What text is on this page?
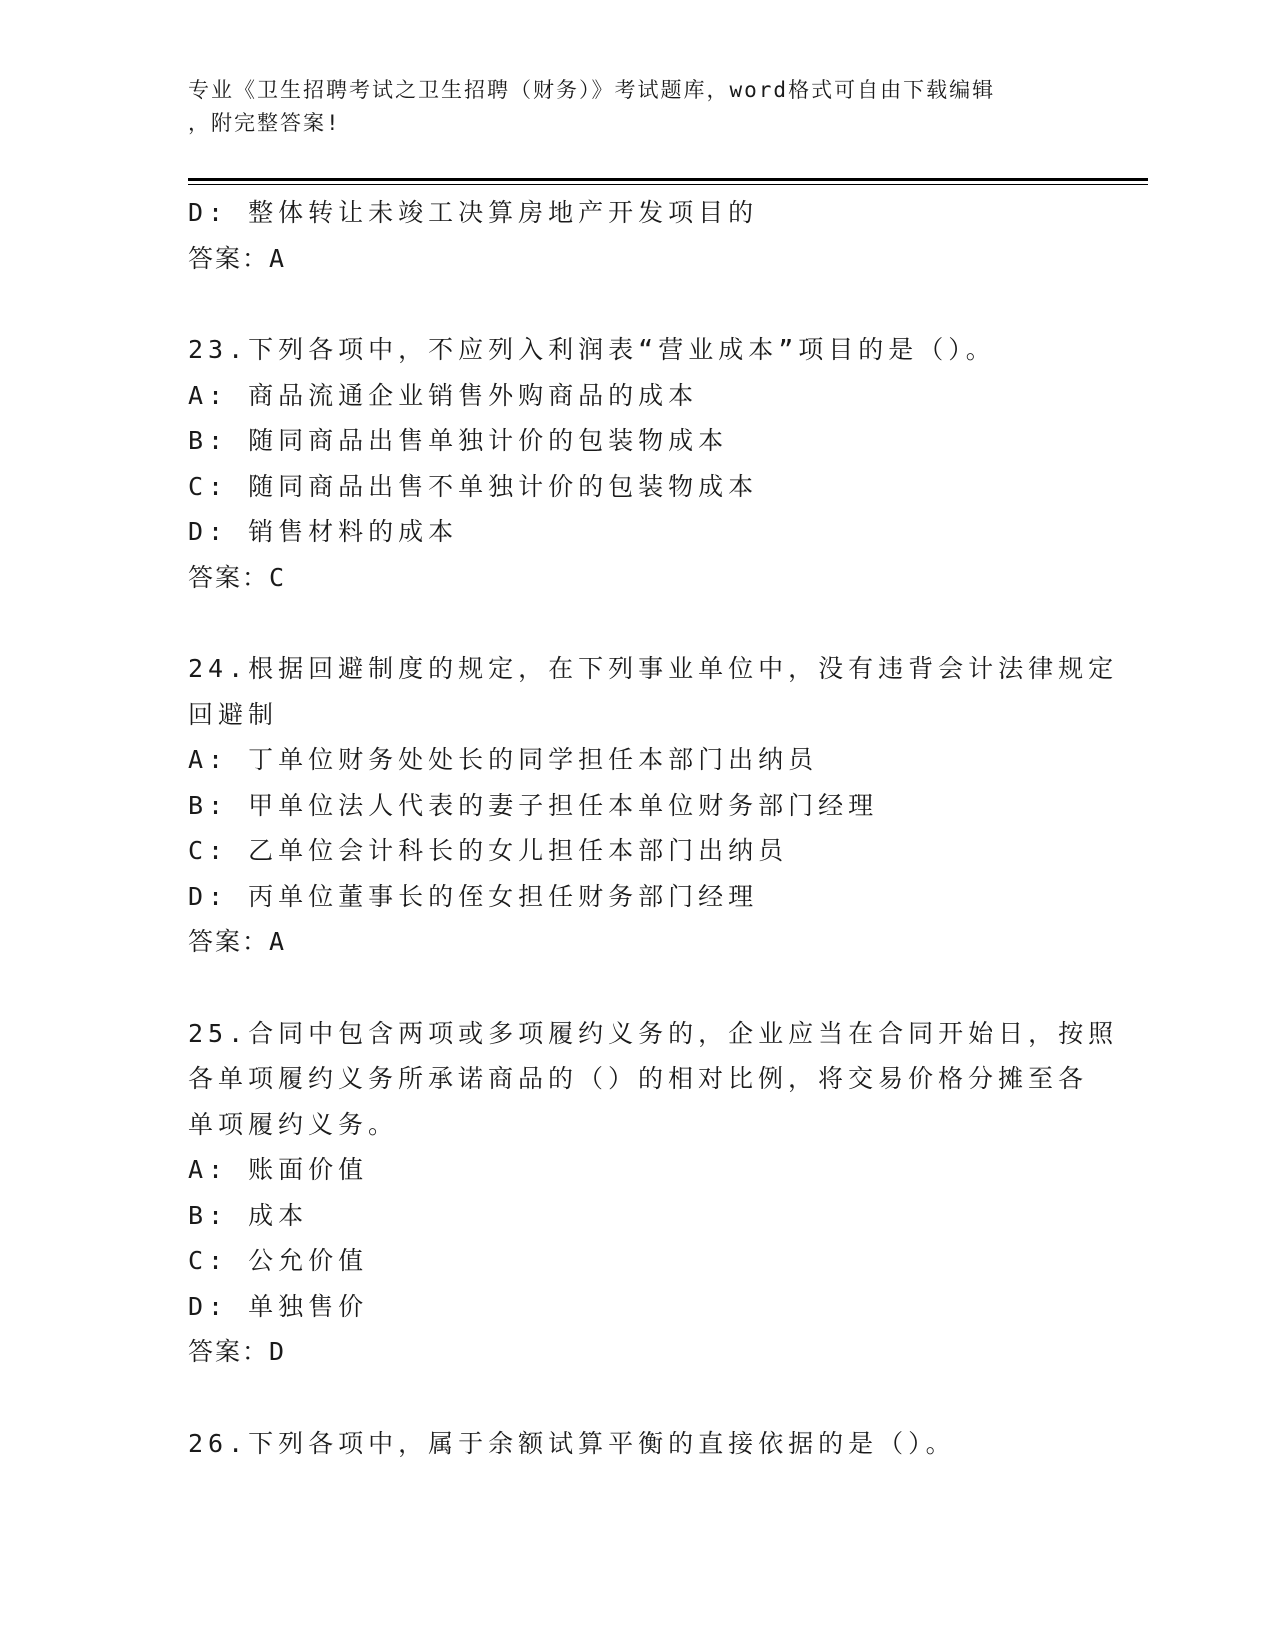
专业《卫生招聘考试之卫生招聘（财务）》考试题库，word格式可自由下载编辑
，附完整答案!
D: 整体转让未竣工决算房地产开发项目的
答案：A
23.下列各项中，不应列入利润表“营业成本”项目的是（）。
A: 商品流通企业销售外购商品的成本
B: 随同商品出售单独计价的包装物成本
C: 随同商品出售不单独计价的包装物成本
D: 销售材料的成本
答案：C
24.根据回避制度的规定，在下列事业单位中，没有违背会计法律规定
回避制
A: 丁单位财务处处长的同学担任本部门出纳员
B: 甲单位法人代表的妻子担任本单位财务部门经理
C: 乙单位会计科长的女儿担任本部门出纳员
D: 丙单位董事长的侄女担任财务部门经理
答案：A
25.合同中包含两项或多项履约义务的，企业应当在合同开始日，按照
各单项履约义务所承诺商品的（）的相对比例，将交易价格分摊至各
单项履约义务。
A: 账面价值
B: 成本
C: 公允价值
D: 单独售价
答案：D
26.下列各项中，属于余额试算平衡的直接依据的是（）。
